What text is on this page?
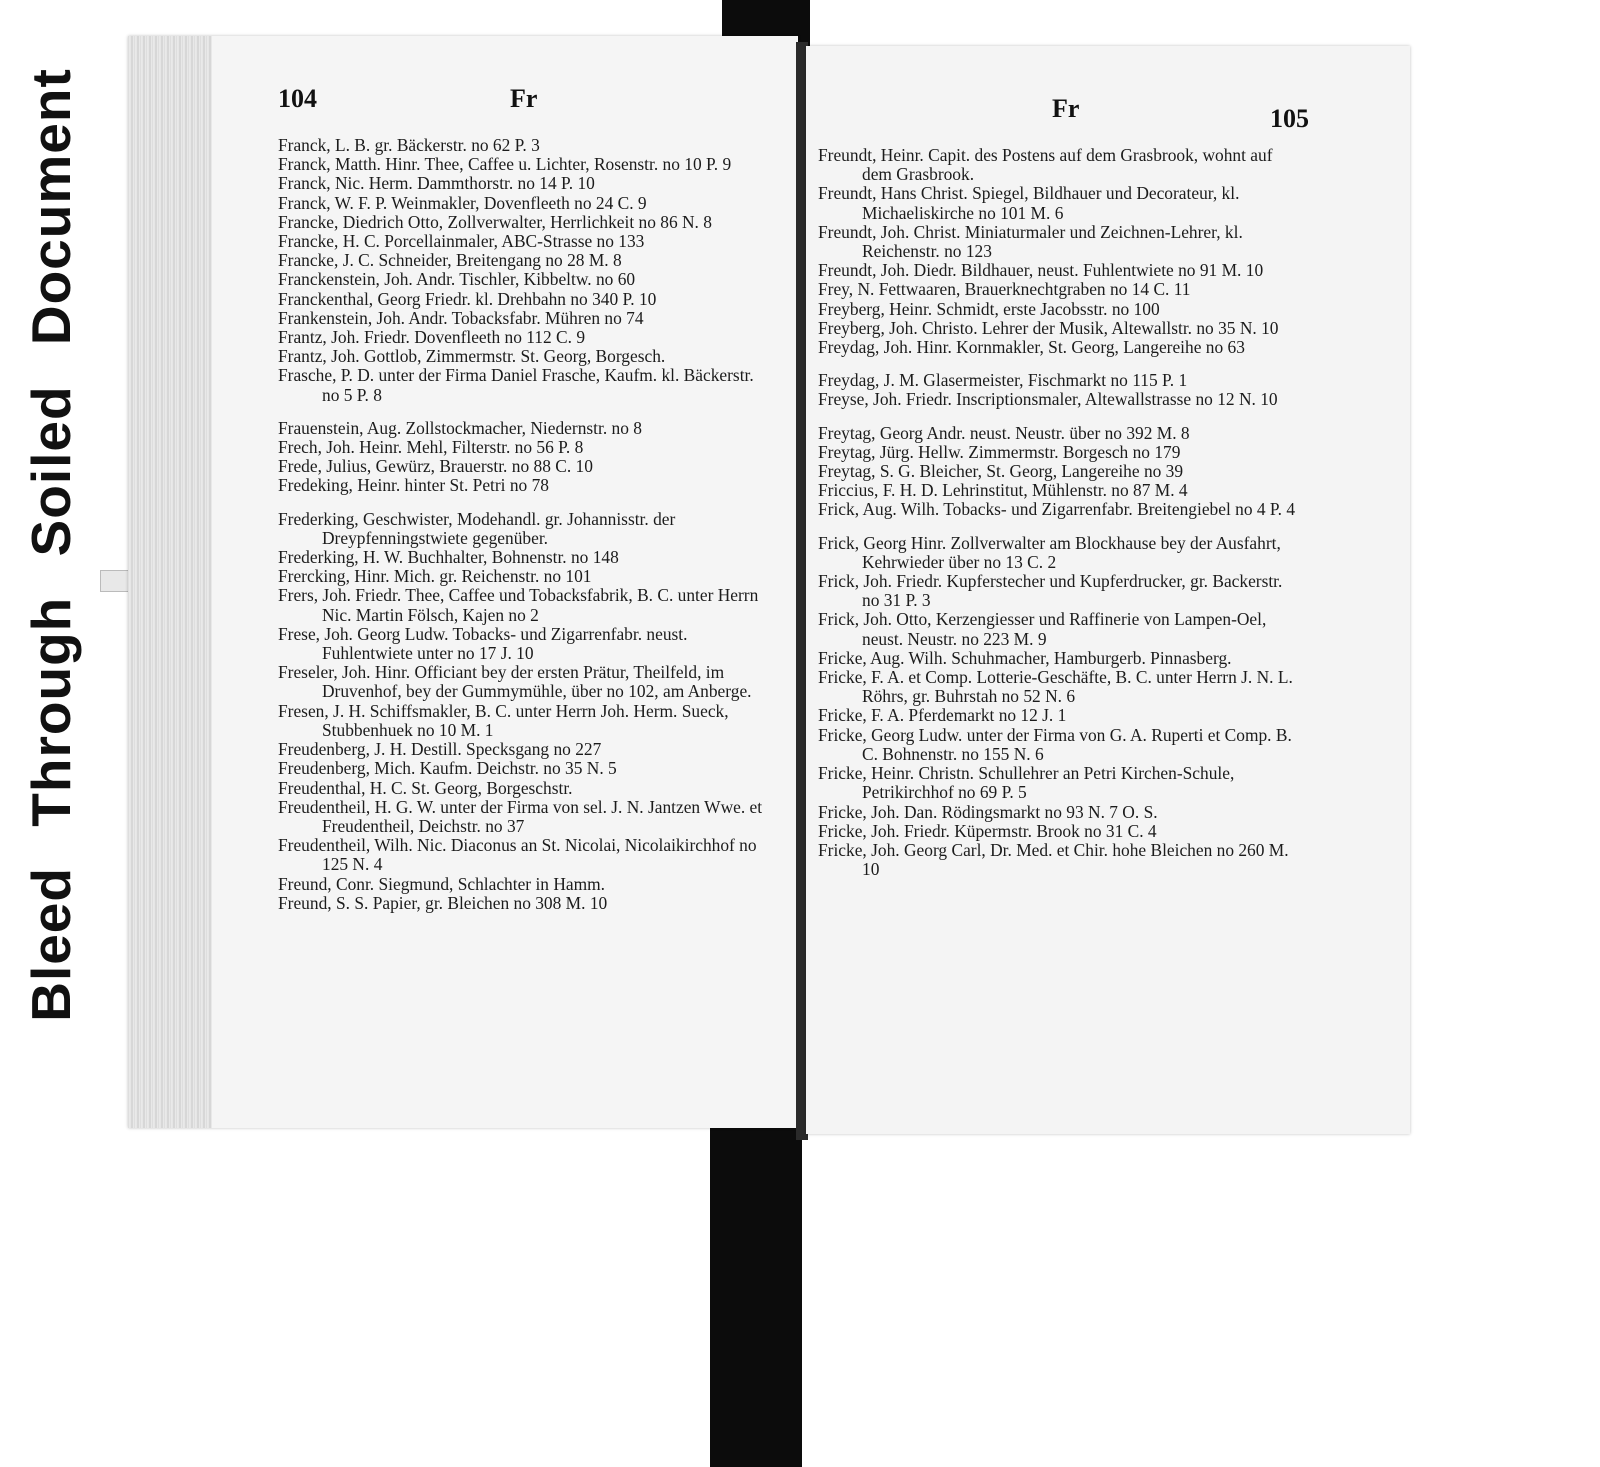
Bleed Through Soiled Document	104	Fr
Franck, L. B. gr. Bäckerstr. no 62 P. 3
Franck, Matth. Hinr. Thee, Caffee u. Lichter, Rosenstr. no 10 P. 9
Franck, Nic. Herm. Dammthorstr. no 14 P. 10
Franck, W. F. P. Weinmakler, Dovenfleeth no 24 C. 9
Francke, Diedrich Otto, Zollverwalter, Herrlichkeit no 86 N. 8
Francke, H. C. Porcellainmaler, ABC-Strasse no 133
Francke, J. C. Schneider, Breitengang no 28 M. 8
Franckenstein, Joh. Andr. Tischler, Kibbeltw. no 60
Franckenthal, Georg Friedr. kl. Drehbahn no 340 P. 10
Frankenstein, Joh. Andr. Tobacksfabr. Mühren no 74
Frantz, Joh. Friedr. Dovenfleeth no 112 C. 9
Frantz, Joh. Gottlob, Zimmermstr. St. Georg, Borgesch.
Frasche, P. D. unter der Firma Daniel Frasche, Kaufm. kl. Bäckerstr. no 5 P. 8
Frauenstein, Aug. Zollstockmacher, Niedernstr. no 8
Frech, Joh. Heinr. Mehl, Filterstr. no 56 P. 8
Frede, Julius, Gewürz, Brauerstr. no 88 C. 10
Fredeking, Heinr. hinter St. Petri no 78
Frederking, Geschwister, Modehandl. gr. Johannisstr. der Dreypfenningstwiete gegenüber.
Frederking, H. W. Buchhalter, Bohnenstr. no 148
Frercking, Hinr. Mich. gr. Reichenstr. no 101
Frers, Joh. Friedr. Thee, Caffee und Tobacksfabrik, B. C. unter Herrn Nic. Martin Fölsch, Kajen no 2
Frese, Joh. Georg Ludw. Tobacks- und Zigarrenfabr. neust. Fuhlentwiete unter no 17 J. 10
Freseler, Joh. Hinr. Officiant bey der ersten Prätur, Theilfeld, im Druvenhof, bey der Gummymühle, über no 102, am Anberge.
Fresen, J. H. Schiffsmakler, B. C. unter Herrn Joh. Herm. Sueck, Stubbenhuek no 10 M. 1
Freudenberg, J. H. Destill. Specksgang no 227
Freudenberg, Mich. Kaufm. Deichstr. no 35 N. 5
Freudenthal, H. C. St. Georg, Borgeschstr.
Freudentheil, H. G. W. unter der Firma von sel. J. N. Jantzen Wwe. et Freudentheil, Deichstr. no 37
Freudentheil, Wilh. Nic. Diaconus an St. Nicolai, Nicolaikirchhof no 125 N. 4
Freund, Conr. Siegmund, Schlachter in Hamm.
Freund, S. S. Papier, gr. Bleichen no 308 M. 10
Fr	105
Freundt, Heinr. Capit. des Postens auf dem Grasbrook, wohnt auf dem Grasbrook.
Freundt, Hans Christ. Spiegel, Bildhauer und Decorateur, kl. Michaeliskirche no 101 M. 6
Freundt, Joh. Christ. Miniaturmaler und Zeichnen-Lehrer, kl. Reichenstr. no 123
Freundt, Joh. Diedr. Bildhauer, neust. Fuhlentwiete no 91 M. 10
Frey, N. Fettwaaren, Brauerknechtgraben no 14 C. 11
Freyberg, Heinr. Schmidt, erste Jacobsstr. no 100
Freyberg, Joh. Christo. Lehrer der Musik, Altewallstr. no 35 N. 10
Freydag, Joh. Hinr. Kornmakler, St. Georg, Langereihe no 63
Freydag, J. M. Glasermeister, Fischmarkt no 115 P. 1
Freyse, Joh. Friedr. Inscriptionsmaler, Altewallstrasse no 12 N. 10
Freytag, Georg Andr. neust. Neustr. über no 392 M. 8
Freytag, Jürg. Hellw. Zimmermstr. Borgesch no 179
Freytag, S. G. Bleicher, St. Georg, Langereihe no 39
Friccius, F. H. D. Lehrinstitut, Mühlenstr. no 87 M. 4
Frick, Aug. Wilh. Tobacks- und Zigarrenfabr. Breitengiebel no 4 P. 4
Frick, Georg Hinr. Zollverwalter am Blockhause bey der Ausfahrt, Kehrwieder über no 13 C. 2
Frick, Joh. Friedr. Kupferstecher und Kupferdrucker, gr. Backerstr. no 31 P. 3
Frick, Joh. Otto, Kerzengiesser und Raffinerie von Lampen-Oel, neust. Neustr. no 223 M. 9
Fricke, Aug. Wilh. Schuhmacher, Hamburgerb. Pinnasberg.
Fricke, F. A. et Comp. Lotterie-Geschäfte, B. C. unter Herrn J. N. L. Röhrs, gr. Buhrstah no 52 N. 6
Fricke, F. A. Pferdemarkt no 12 J. 1
Fricke, Georg Ludw. unter der Firma von G. A. Ruperti et Comp. B. C. Bohnenstr. no 155 N. 6
Fricke, Heinr. Christn. Schullehrer an Petri Kirchen-Schule, Petrikirchhof no 69 P. 5
Fricke, Joh. Dan. Rödingsmarkt no 93 N. 7 O. S.
Fricke, Joh. Friedr. Küpermstr. Brook no 31 C. 4
Fricke, Joh. Georg Carl, Dr. Med. et Chir. hohe Bleichen no 260 M. 10
